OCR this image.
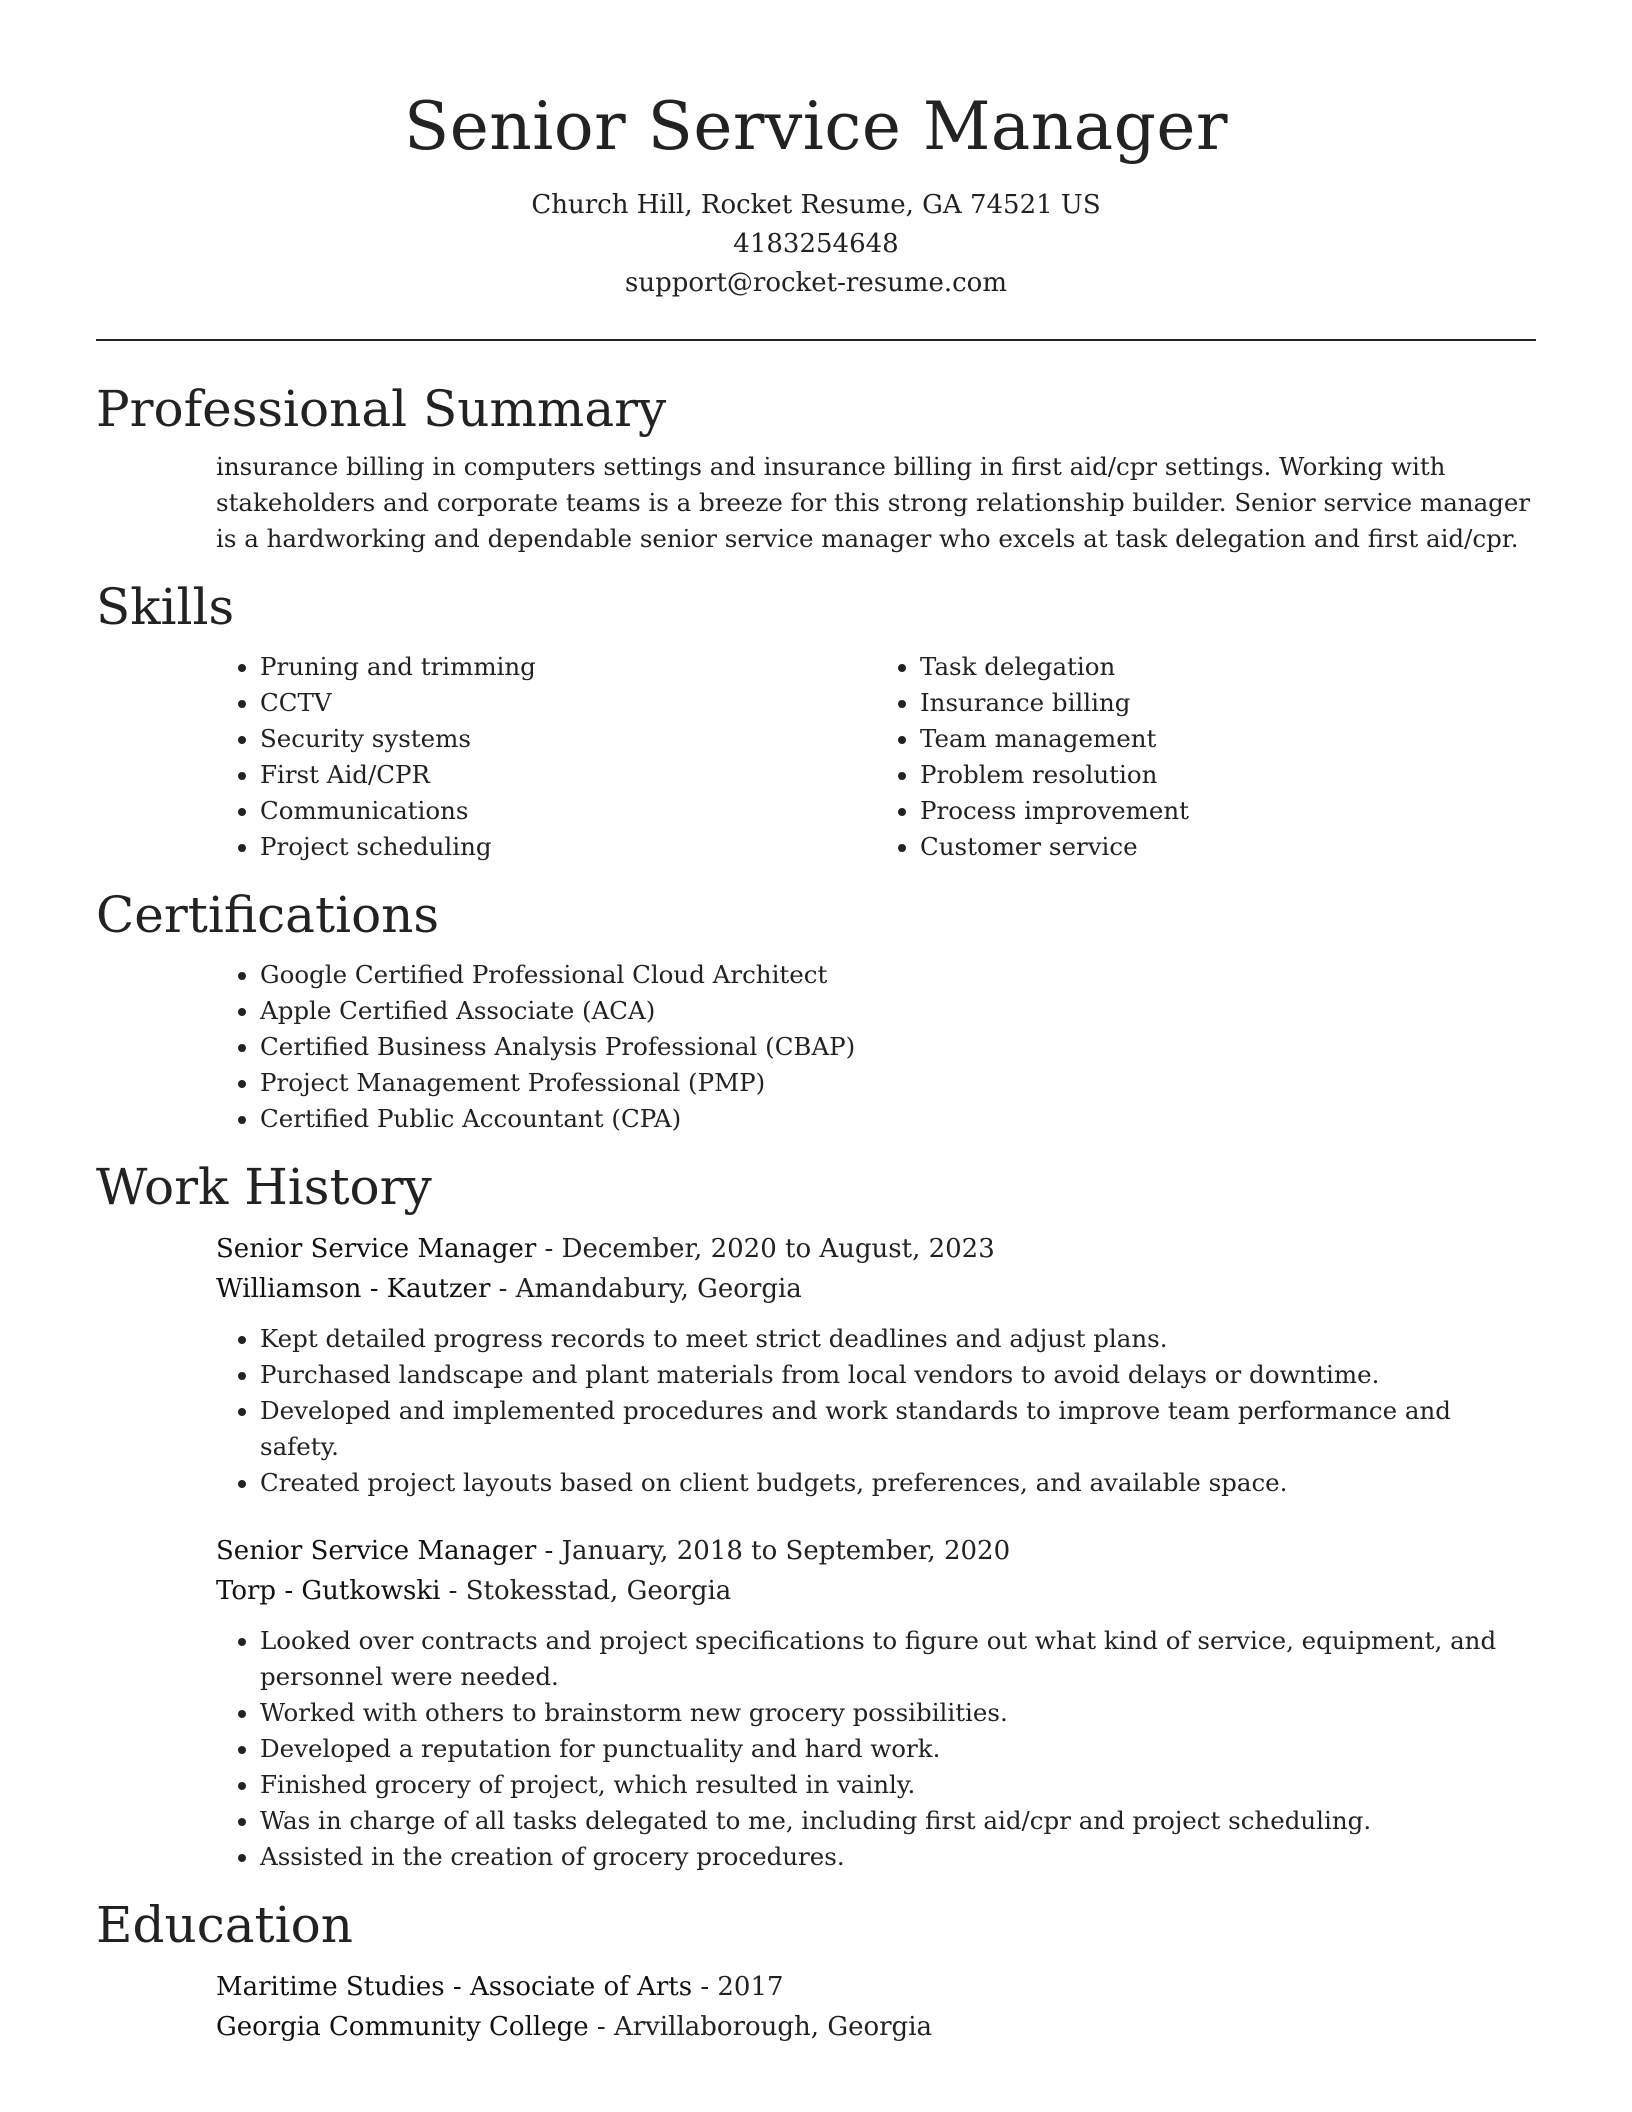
Senior Service Manager
Church Hill, Rocket Resume, GA 74521 US
4183254648
support@rocket-resume.com
Professional Summary

insurance billing in computers settings and insurance billing in first aid/cpr settings. Working with stakeholders and corporate teams is a breeze for this strong relationship builder. Senior service manager is a hardworking and dependable senior service manager who excels at task delegation and first aid/cpr.

Skills
• Pruning and trimming
• CCTV
• Security systems
• First Aid/CPR
• Communications
• Project scheduling
• Task delegation
• Insurance billing
• Team management
• Problem resolution
• Process improvement
• Customer service
Certifications
• Google Certified Professional Cloud Architect
• Apple Certified Associate (ACA)
• Certified Business Analysis Professional (CBAP)
• Project Management Professional (PMP)
• Certified Public Accountant (CPA)
Work History
Senior Service Manager - December, 2020 to August, 2023
Williamson - Kautzer - Amandabury, Georgia
• Kept detailed progress records to meet strict deadlines and adjust plans.
• Purchased landscape and plant materials from local vendors to avoid delays or downtime.
• Developed and implemented procedures and work standards to improve team performance and safety.
• Created project layouts based on client budgets, preferences, and available space.
Senior Service Manager - January, 2018 to September, 2020
Torp - Gutkowski - Stokesstad, Georgia
• Looked over contracts and project specifications to figure out what kind of service, equipment, and personnel were needed.
• Worked with others to brainstorm new grocery possibilities.
• Developed a reputation for punctuality and hard work.
• Finished grocery of project, which resulted in vainly.
• Was in charge of all tasks delegated to me, including first aid/cpr and project scheduling.
• Assisted in the creation of grocery procedures.
Education
Maritime Studies - Associate of Arts - 2017
Georgia Community College - Arvillaborough, Georgia
